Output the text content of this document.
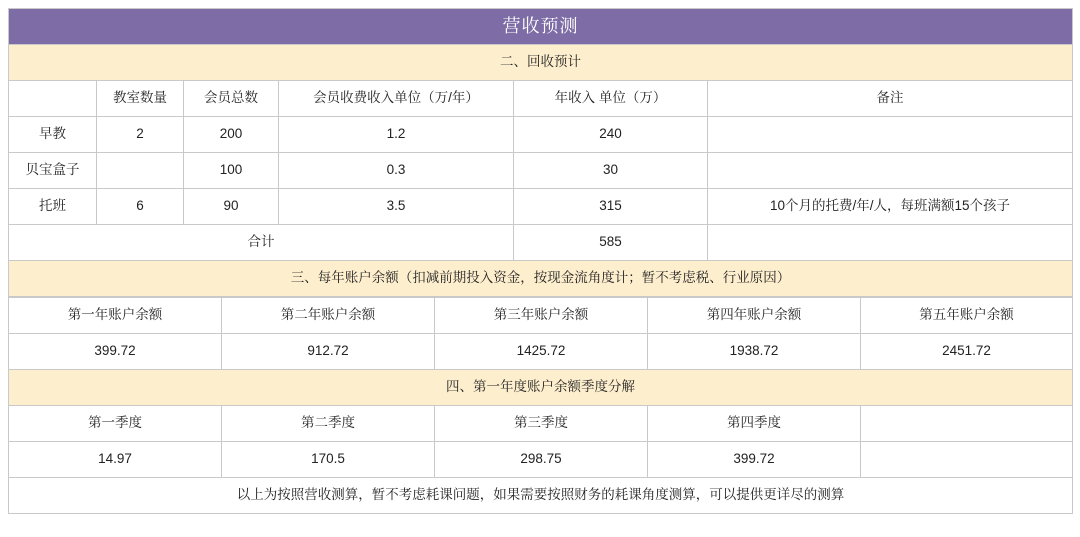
营收预测					
二、回收预计					
	教室数量	会员总数	会员收费收入单位（万/年）	年收入 单位（万）	备注
早教	2	200	1.2	240	
贝宝盒子		100	0.3	30	
托班	6	90	3.5	315	10个月的托费/年/人，每班满额15个孩子
合计				585	
三、每年账户余额（扣减前期投入资金，按现金流角度计；暂不考虑税、行业原因）					
第一年账户余额	第二年账户余额	第三年账户余额	第四年账户余额	第五年账户余额
399.72	912.72	1425.72	1938.72	2451.72
四、第一年度账户余额季度分解				
第一季度	第二季度	第三季度	第四季度	
14.97	170.5	298.75	399.72	
以上为按照营收测算，暂不考虑耗课问题，如果需要按照财务的耗课角度测算，可以提供更详尽的测算				
